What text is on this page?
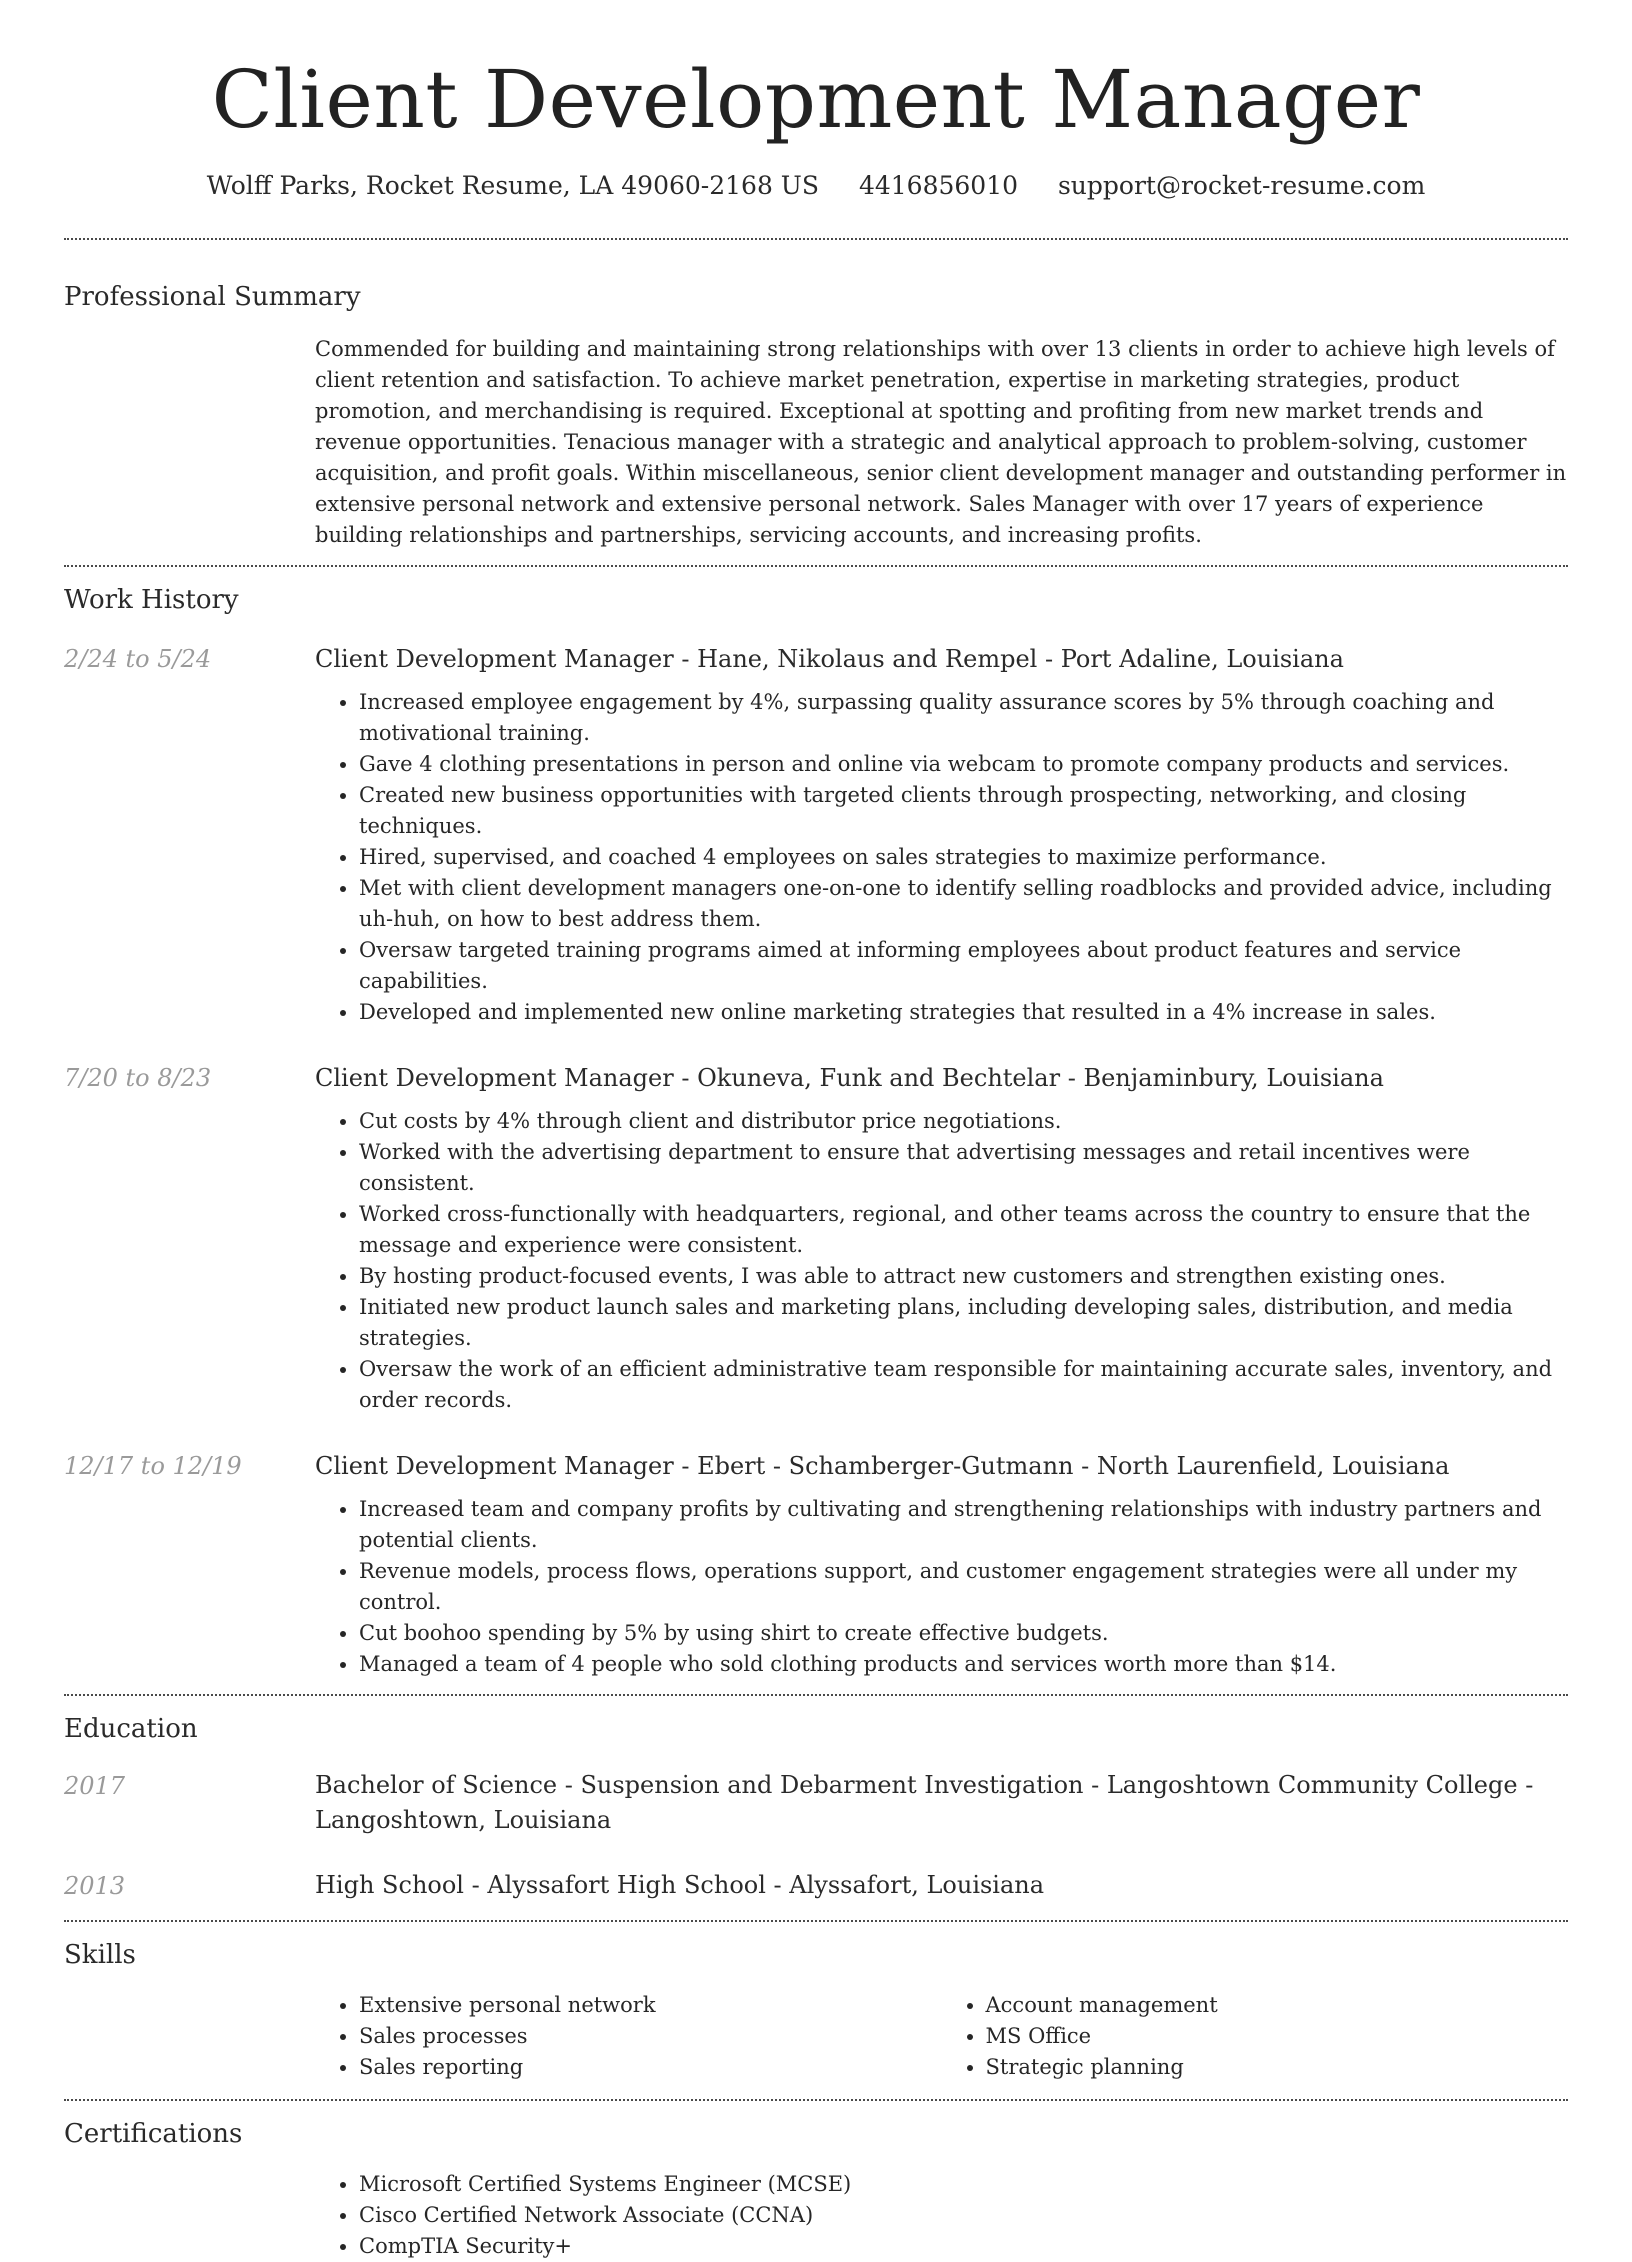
Client Development Manager
Wolff Parks, Rocket Resume, LA 49060-2168 US 4416856010 support@rocket-resume.com
Professional Summary
Commended for building and maintaining strong relationships with over 13 clients in order to achieve high levels of client retention and satisfaction. To achieve market penetration, expertise in marketing strategies, product promotion, and merchandising is required. Exceptional at spotting and profiting from new market trends and revenue opportunities. Tenacious manager with a strategic and analytical approach to problem-solving, customer acquisition, and profit goals. Within miscellaneous, senior client development manager and outstanding performer in extensive personal network and extensive personal network. Sales Manager with over 17 years of experience building relationships and partnerships, servicing accounts, and increasing profits.
Work History
2/24 to 5/24	Client Development Manager - Hane, Nikolaus and Rempel - Port Adaline, Louisiana
• Increased employee engagement by 4%, surpassing quality assurance scores by 5% through coaching and motivational training.
• Gave 4 clothing presentations in person and online via webcam to promote company products and services.
• Created new business opportunities with targeted clients through prospecting, networking, and closing techniques.
• Hired, supervised, and coached 4 employees on sales strategies to maximize performance.
• Met with client development managers one-on-one to identify selling roadblocks and provided advice, including uh-huh, on how to best address them.
• Oversaw targeted training programs aimed at informing employees about product features and service capabilities.
• Developed and implemented new online marketing strategies that resulted in a 4% increase in sales.
7/20 to 8/23	Client Development Manager - Okuneva, Funk and Bechtelar - Benjaminbury, Louisiana
• Cut costs by 4% through client and distributor price negotiations.
• Worked with the advertising department to ensure that advertising messages and retail incentives were consistent.
• Worked cross-functionally with headquarters, regional, and other teams across the country to ensure that the message and experience were consistent.
• By hosting product-focused events, I was able to attract new customers and strengthen existing ones.
• Initiated new product launch sales and marketing plans, including developing sales, distribution, and media strategies.
• Oversaw the work of an efficient administrative team responsible for maintaining accurate sales, inventory, and order records.
12/17 to 12/19	Client Development Manager - Ebert - Schamberger-Gutmann - North Laurenfield, Louisiana
• Increased team and company profits by cultivating and strengthening relationships with industry partners and potential clients.
• Revenue models, process flows, operations support, and customer engagement strategies were all under my control.
• Cut boohoo spending by 5% by using shirt to create effective budgets.
• Managed a team of 4 people who sold clothing products and services worth more than $14.
Education
2017	Bachelor of Science - Suspension and Debarment Investigation - Langoshtown Community College - Langoshtown, Louisiana
2013	High School - Alyssafort High School - Alyssafort, Louisiana
Skills
• Extensive personal network
• Sales processes
• Sales reporting
• Account management
• MS Office
• Strategic planning
Certifications
• Microsoft Certified Systems Engineer (MCSE)
• Cisco Certified Network Associate (CCNA)
• CompTIA Security+
